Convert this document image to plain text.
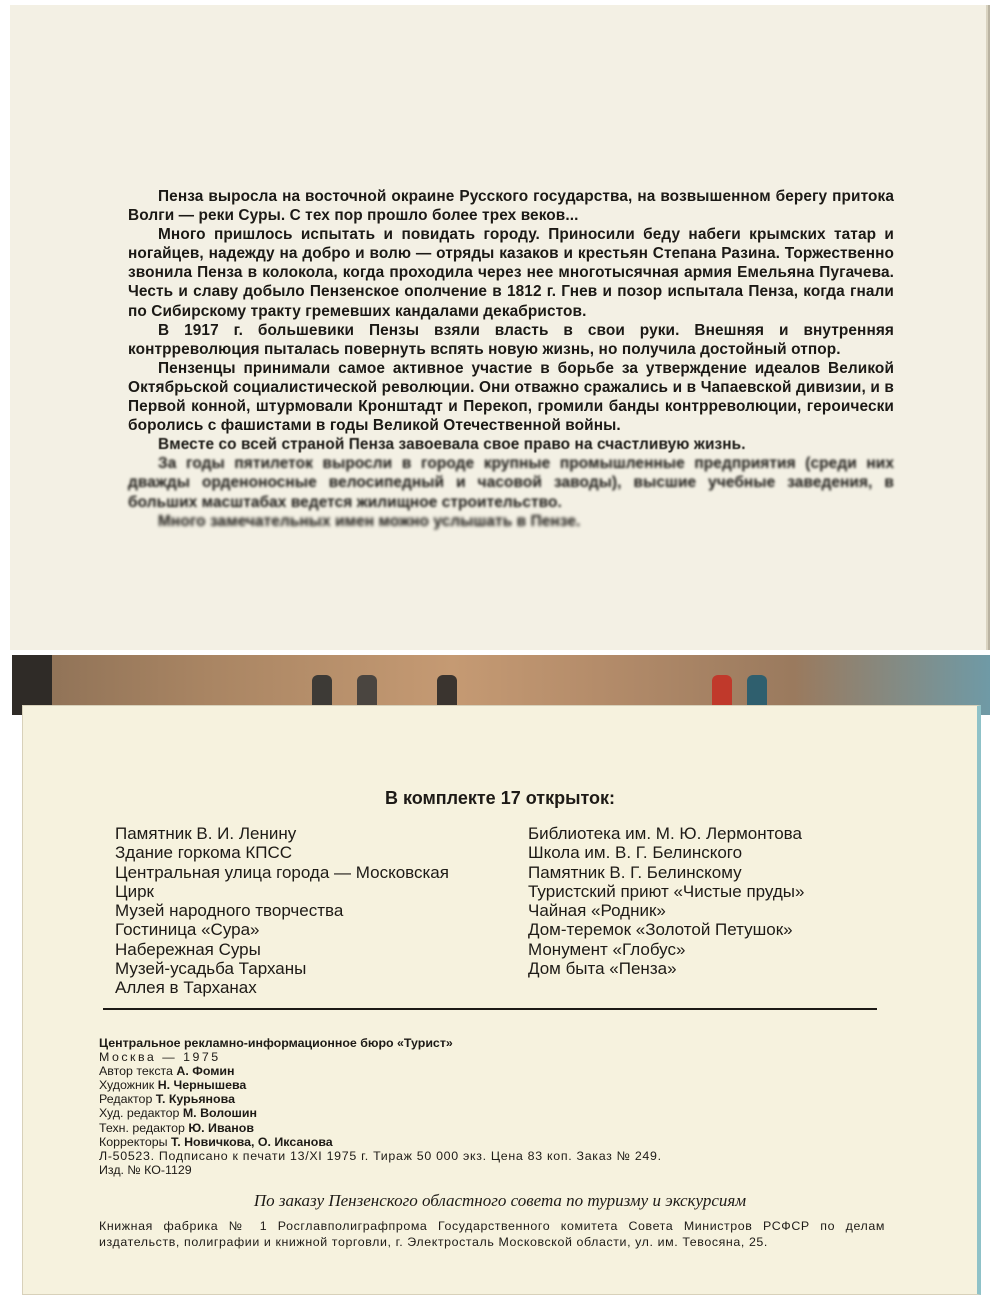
Пенза выросла на восточной окраине Русского государства, на возвышенном берегу притока Волги — реки Суры. С тех пор прошло более трех веков...

Много пришлось испытать и повидать городу. Приносили беду набеги крымских татар и ногайцев, надежду на добро и волю — отряды казаков и крестьян Степана Разина. Торжественно звонила Пенза в колокола, когда проходила через нее многотысячная армия Емельяна Пугачева. Честь и славу добыло Пензенское ополчение в 1812 г. Гнев и позор испытала Пенза, когда гнали по Сибирскому тракту гремевших кандалами декабристов.

В 1917 г. большевики Пензы взяли власть в свои руки. Внешняя и внутренняя контрреволюция пыталась повернуть вспять новую жизнь, но получила достойный отпор.

Пензенцы принимали самое активное участие в борьбе за утверждение идеалов Великой Октябрьской социалистической революции. Они отважно сражались и в Чапаевской дивизии, и в Первой конной, штурмовали Кронштадт и Перекоп, громили банды контрреволюции, героически боролись с фашистами в годы Великой Отечественной войны.

Вместе со всей страной Пенза завоевала свое право на счастливую жизнь.

За годы пятилеток выросли в городе крупные промышленные предприятия (среди них дважды орденоносные велосипедный и часовой заводы), высшие учебные заведения, в больших масштабах ведется жилищное строительство.

Много замечательных имен можно услышать в Пензе.

В комплекте 17 открыток:
Памятник В. И. Ленину
Здание горкома КПСС
Центральная улица города — Московская
Цирк
Музей народного творчества
Гостиница «Сура»
Набережная Суры
Музей-усадьба Тарханы
Аллея в Тарханах
Библиотека им. М. Ю. Лермонтова
Школа им. В. Г. Белинского
Памятник В. Г. Белинскому
Туристский приют «Чистые пруды»
Чайная «Родник»
Дом-теремок «Золотой Петушок»
Монумент «Глобус»
Дом быта «Пенза»
Центральное рекламно-информационное бюро «Турист»
Москва — 1975
Автор текста А. Фомин
Художник Н. Чернышева
Редактор Т. Курьянова
Худ. редактор М. Волошин
Техн. редактор Ю. Иванов
Корректоры Т. Новичкова, О. Иксанова
Л-50523. Подписано к печати 13/XI 1975 г. Тираж 50 000 экз. Цена 83 коп. Заказ № 249.
Изд. № КО-1129
По заказу Пензенского областного совета по туризму и экскурсиям
Книжная фабрика № 1 Росглавполиграфпрома Государственного комитета Совета Министров РСФСР по делам издательств, полиграфии и книжной торговли, г. Электросталь Московской области, ул. им. Тевосяна, 25.
